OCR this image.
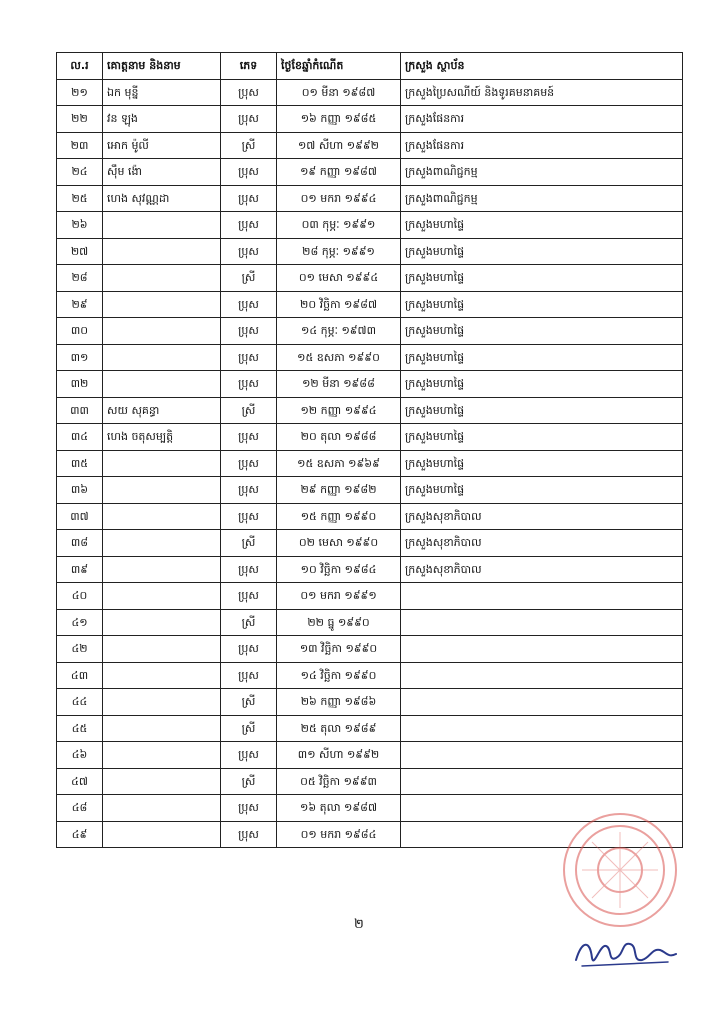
ល.រ	គោត្តនាម និងនាម	ភេទ	ថ្ងៃខែឆ្នាំកំណើត	ក្រសួង ស្ថាប័ន
២១	ឯក មុន្នី	ប្រុស	០១ មីនា ១៩៨៧	ក្រសួងប្រៃសណីយ៍ និងទូរគមនាគមន៍
២២	វន ឡុង	ប្រុស	១៦ កញ្ញា ១៩៨៥	ក្រសួងផែនការ
២៣	អោក ម៉ូលី	ស្រី	១៧ សីហា ១៩៩២	ក្រសួងផែនការ
២៤	ស៊ឹម ង៉ោ	ប្រុស	១៩ កញ្ញា ១៩៨៧	ក្រសួងពាណិជ្ជកម្ម
២៥	ហេង សុវណ្ណដា	ប្រុស	០១ មករា ១៩៩៤	ក្រសួងពាណិជ្ជកម្ម
២៦		ប្រុស	០៣ កុម្ភៈ ១៩៩១	ក្រសួងមហាផ្ទៃ
២៧		ប្រុស	២៨ កុម្ភៈ ១៩៩១	ក្រសួងមហាផ្ទៃ
២៨		ស្រី	០១ មេសា ១៩៩៤	ក្រសួងមហាផ្ទៃ
២៩		ប្រុស	២០ វិច្ឆិកា ១៩៨៧	ក្រសួងមហាផ្ទៃ
៣០		ប្រុស	១៤ កុម្ភៈ ១៩៧៣	ក្រសួងមហាផ្ទៃ
៣១		ប្រុស	១៥ ឧសភា ១៩៩០	ក្រសួងមហាផ្ទៃ
៣២		ប្រុស	១២ មីនា ១៩៨៨	ក្រសួងមហាផ្ទៃ
៣៣	សយ សុគន្ធា	ស្រី	១២ កញ្ញា ១៩៩៤	ក្រសួងមហាផ្ទៃ
៣៤	ហេង ចតុសម្បត្តិ	ប្រុស	២០ តុលា ១៩៨៨	ក្រសួងមហាផ្ទៃ
៣៥		ប្រុស	១៥ ឧសភា ១៩៦៩	ក្រសួងមហាផ្ទៃ
៣៦		ប្រុស	២៩ កញ្ញា ១៩៨២	ក្រសួងមហាផ្ទៃ
៣៧		ប្រុស	១៥ កញ្ញា ១៩៩០	ក្រសួងសុខាភិបាល
៣៨		ស្រី	០២ មេសា ១៩៩០	ក្រសួងសុខាភិបាល
៣៩		ប្រុស	១០ វិច្ឆិកា ១៩៨៤	ក្រសួងសុខាភិបាល
៤០		ប្រុស	០១ មករា ១៩៩១	
៤១		ស្រី	២២ ធ្នូ ១៩៩០	
៤២		ប្រុស	១៣ វិច្ឆិកា ១៩៩០	
៤៣		ប្រុស	១៤ វិច្ឆិកា ១៩៩០	
៤៤		ស្រី	២៦ កញ្ញា ១៩៨៦	
៤៥		ស្រី	២៥ តុលា ១៩៨៩	
៤៦		ប្រុស	៣១ សីហា ១៩៩២	
៤៧		ស្រី	០៥ វិច្ឆិកា ១៩៩៣	
៤៨		ប្រុស	១៦ តុលា ១៩៨៧	
៤៩		ប្រុស	០១ មករា ១៩៨៤	
២
